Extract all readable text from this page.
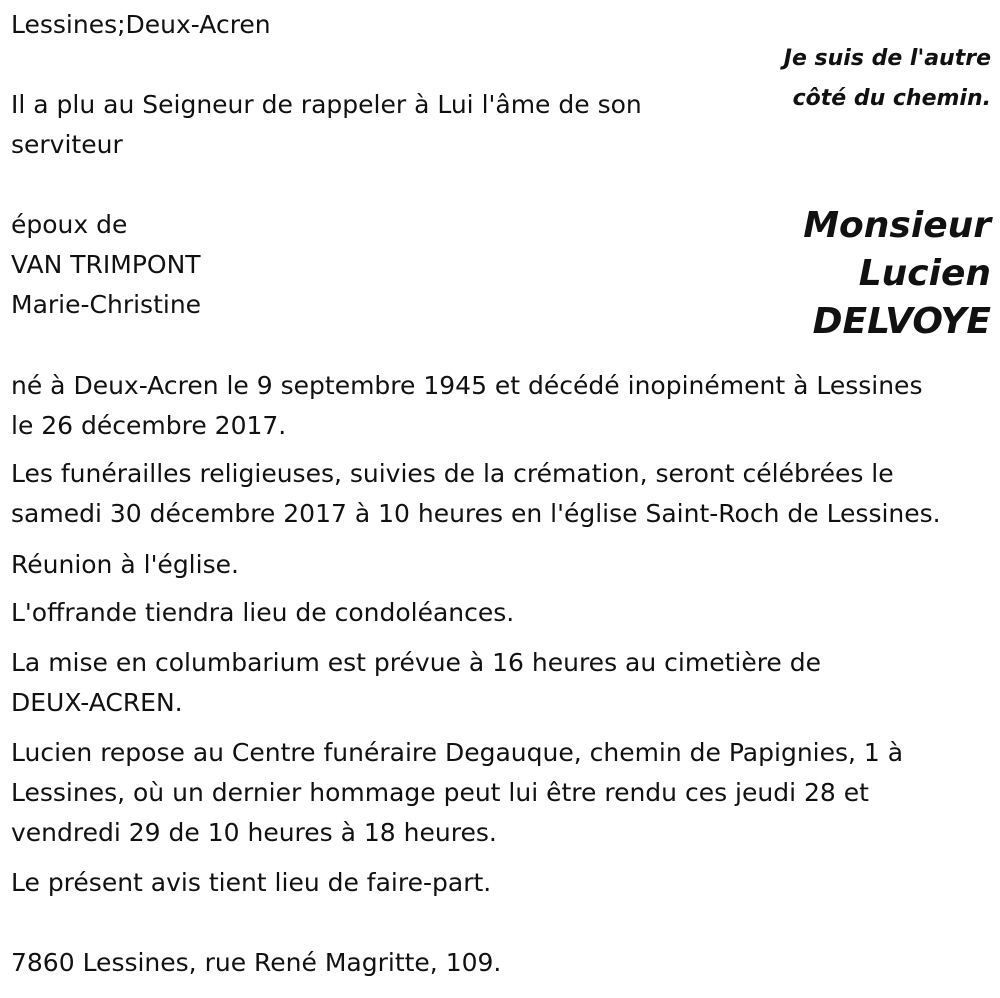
Lessines;Deux-Acren

Je suis de l'autre

côté du chemin.

Il a plu au Seigneur de rappeler à Lui l'âme de son

serviteur

époux de

VAN TRIMPONT

Marie-Christine

Monsieur

Lucien

DELVOYE

né à Deux-Acren le 9 septembre 1945 et décédé inopinément à Lessines

le 26 décembre 2017.

Les funérailles religieuses, suivies de la crémation, seront célébrées le

samedi 30 décembre 2017 à 10 heures en l'église Saint-Roch de Lessines.

Réunion à l'église.

L'offrande tiendra lieu de condoléances.

La mise en columbarium est prévue à 16 heures au cimetière de

DEUX-ACREN.

Lucien repose au Centre funéraire Degauque, chemin de Papignies, 1 à

Lessines, où un dernier hommage peut lui être rendu ces jeudi 28 et

vendredi 29 de 10 heures à 18 heures.

Le présent avis tient lieu de faire-part.

7860 Lessines, rue René Magritte, 109.
